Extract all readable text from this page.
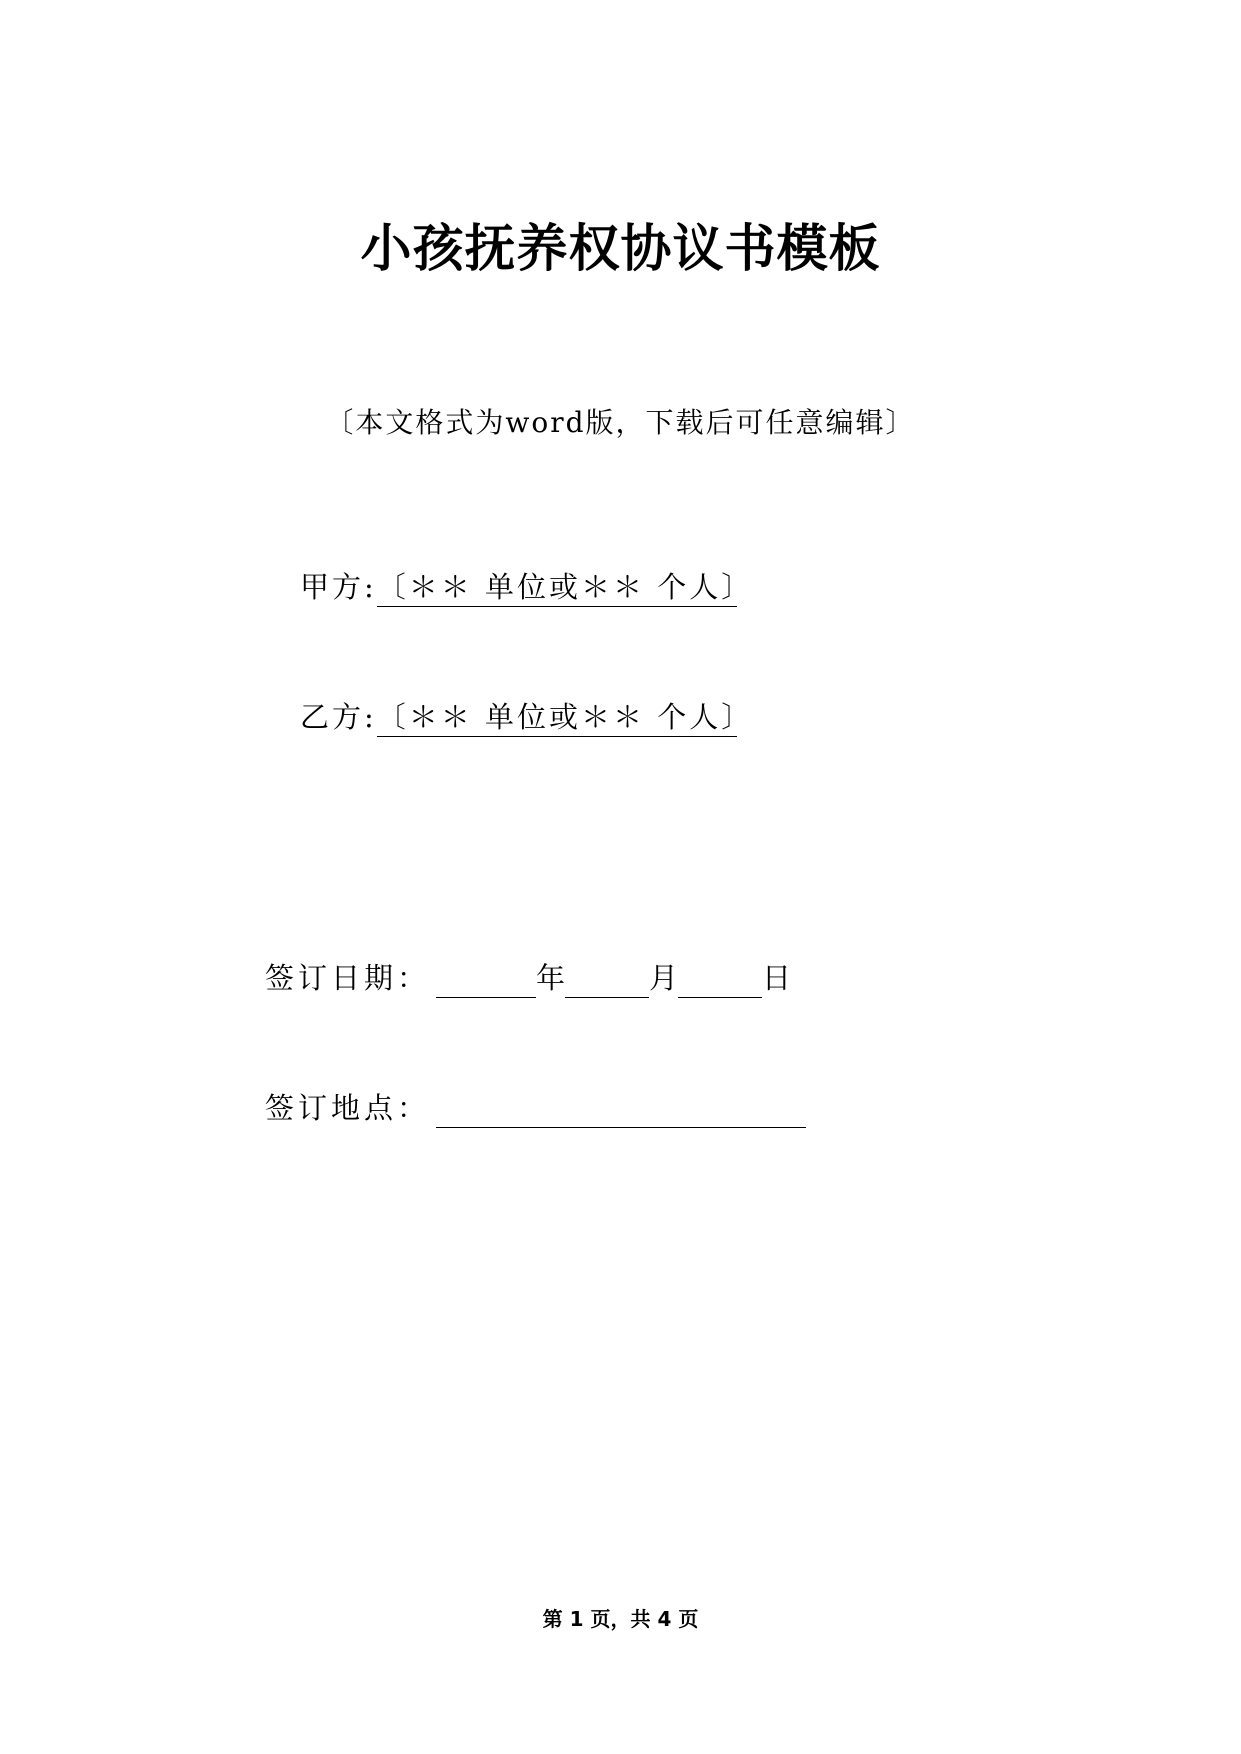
小孩抚养权协议书模板
〔本文格式为word版，下载后可任意编辑〕
甲方:〔＊＊ 单位或＊＊ 个人〕
乙方:〔＊＊ 单位或＊＊ 个人〕
签订日期：	年	月	日
签订地点：
第 1 页，共 4 页
